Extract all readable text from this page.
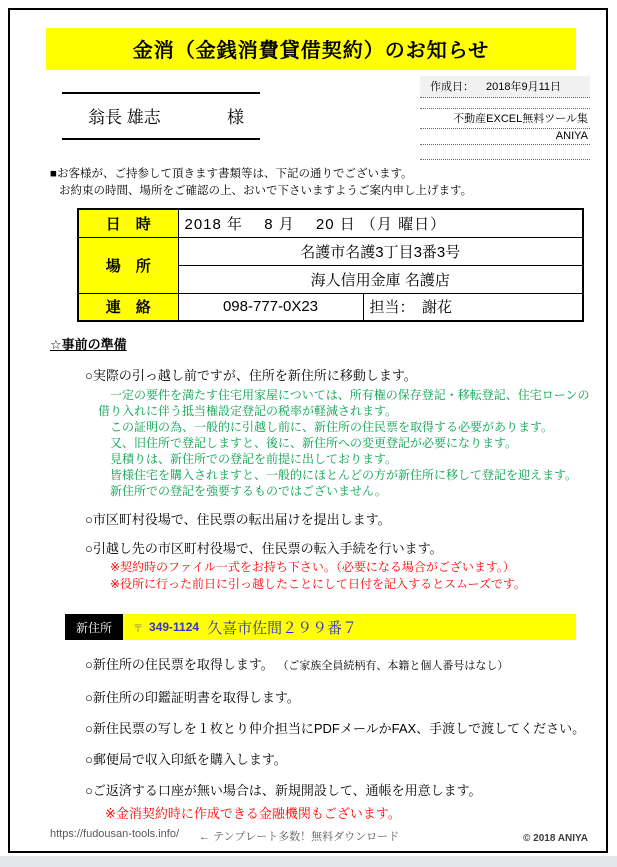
金消（金銭消費貸借契約）のお知らせ
翁長 雄志	様
作成日： 2018年9月11日
不動産EXCEL無料ツール集
ANIYA
■お客様が、ご持参して頂きます書類等は、下記の通りでございます。
お約束の時間、場所をご確認の上、おいで下さいますようご案内申し上げます。
日　時	2018 年　 8 月　 20 日 （月 曜日）	
場　所	名護市名護3丁目3番3号	
	海人信用金庫 名護店	
連　絡	098-777-0X23	担当：　謝花
☆事前の準備
○実際の引っ越し前ですが、住所を新住所に移動します。
　一定の要件を満たす住宅用家屋については、所有権の保存登記・移転登記、住宅ローンの
借り入れに伴う抵当権設定登記の税率が軽減されます。
　この証明の為、一般的に引越し前に、新住所の住民票を取得する必要があります。
　又、旧住所で登記しますと、後に、新住所への変更登記が必要になります。
　見積りは、新住所での登記を前提に出しております。
　皆様住宅を購入されますと、一般的にほとんどの方が新住所に移して登記を迎えます。
　新住所での登記を強要するものではございません。
○市区町村役場で、住民票の転出届けを提出します。
○引越し先の市区町村役場で、住民票の転入手続を行います。
※契約時のファイル一式をお持ち下さい。（必要になる場合がございます。）
※役所に行った前日に引っ越したことにして日付を記入するとスムーズです。
新住所	〒 349-1124 久喜市佐間２９９番７
○新住所の住民票を取得します。 （ご家族全員続柄有、本籍と個人番号はなし）
○新住所の印鑑証明書を取得します。
○新住民票の写しを１枚とり仲介担当にPDFメールかFAX、手渡しで渡してください。
○郵便局で収入印紙を購入します。
○ご返済する口座が無い場合は、新規開設して、通帳を用意します。
※金消契約時に作成できる金融機関もございます。
https://fudousan-tools.info/ ← テンプレート多数！無料ダウンロード	© 2018 ANIYA
